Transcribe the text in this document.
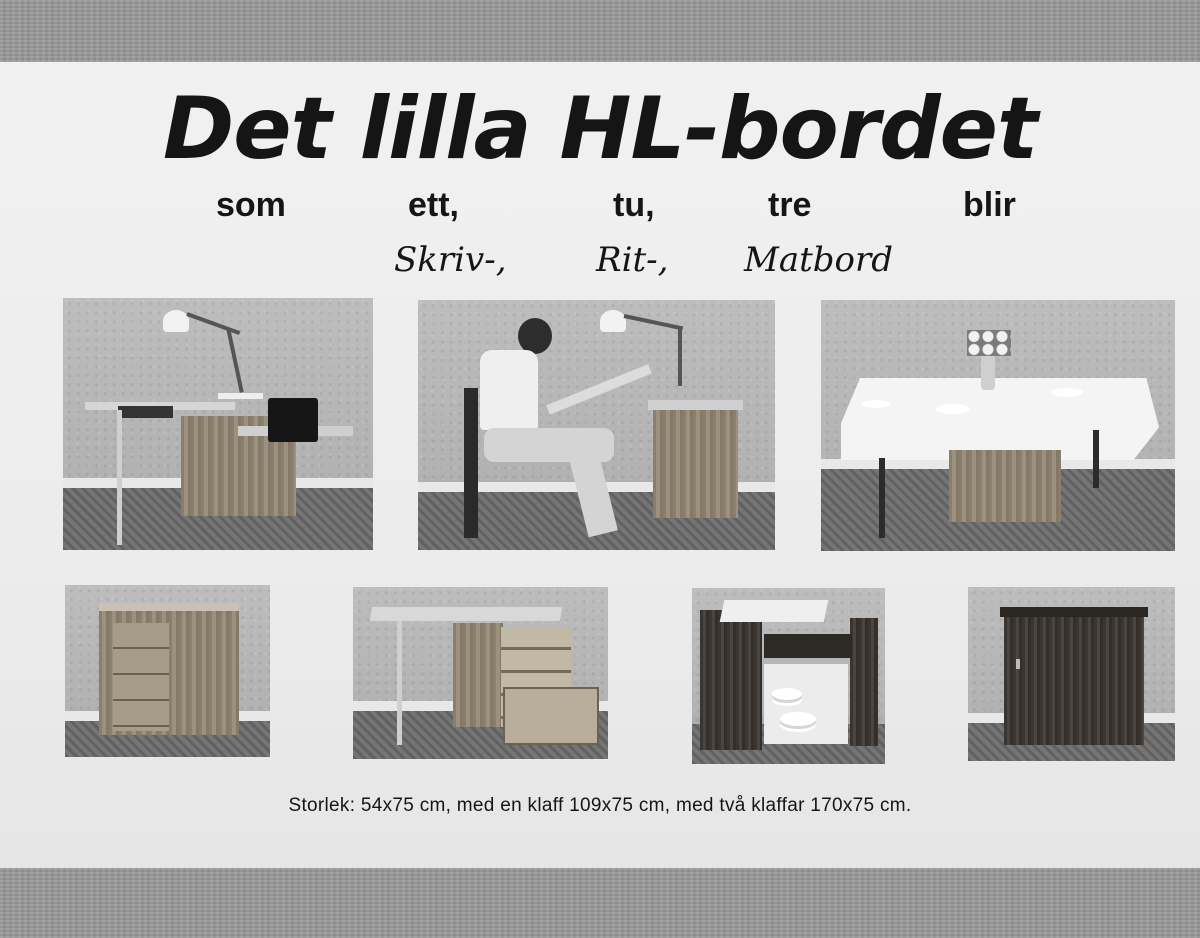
Det lilla HL-bordet
som	ett,	tu,	tre	blir
Skriv-,	Rit-, Matbord

Storlek: 54x75 cm, med en klaff 109x75 cm, med två klaffar 170x75 cm.
